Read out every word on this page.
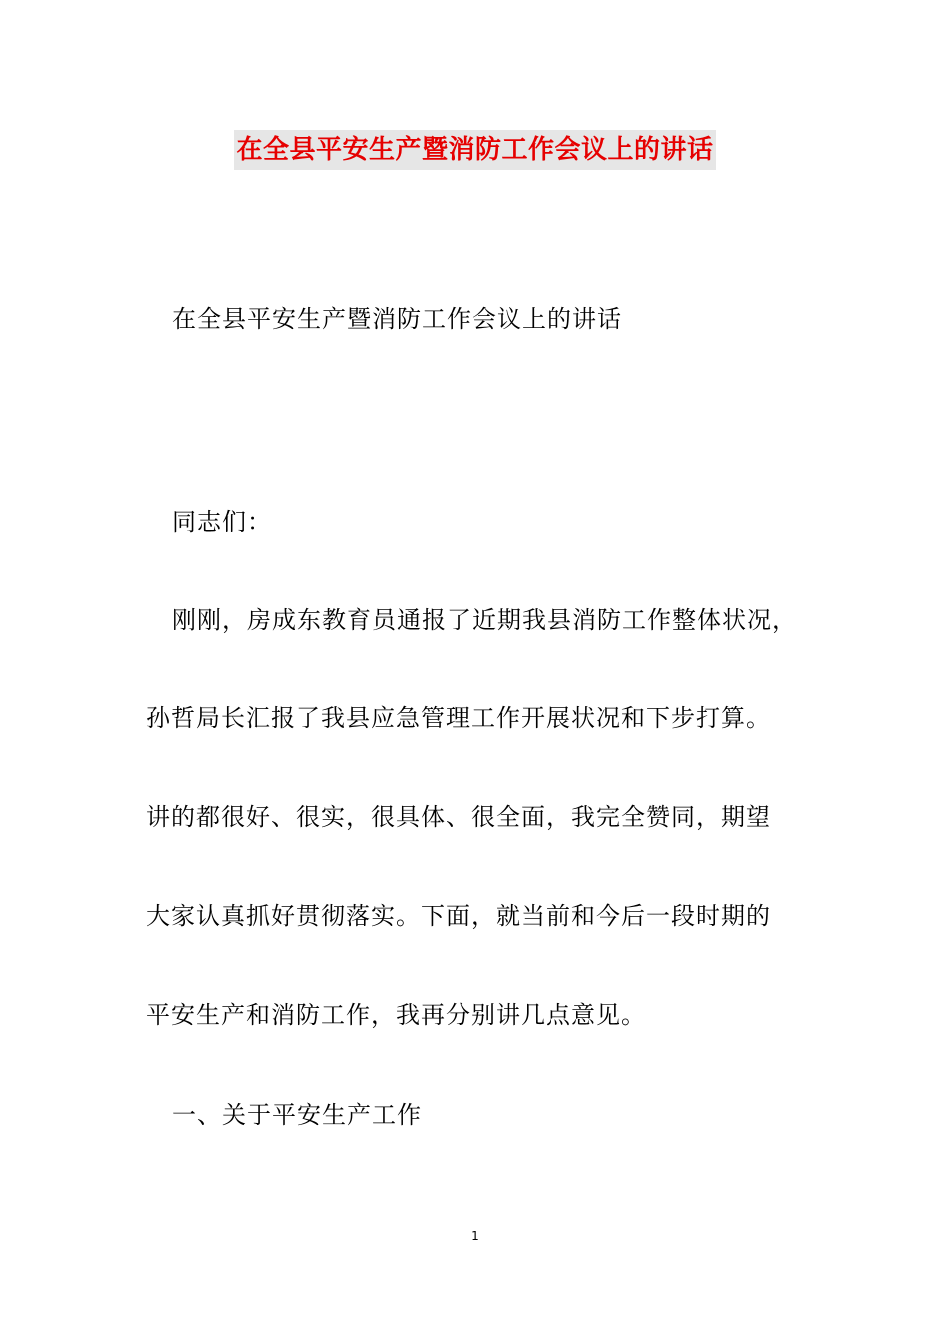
在全县平安生产暨消防工作会议上的讲话

在全县平安生产暨消防工作会议上的讲话

同志们：

刚刚，房成东教育员通报了近期我县消防工作整体状况，

孙哲局长汇报了我县应急管理工作开展状况和下步打算。

讲的都很好、很实，很具体、很全面，我完全赞同，期望

大家认真抓好贯彻落实。下面，就当前和今后一段时期的

平安生产和消防工作，我再分别讲几点意见。

一、关于平安生产工作

1
